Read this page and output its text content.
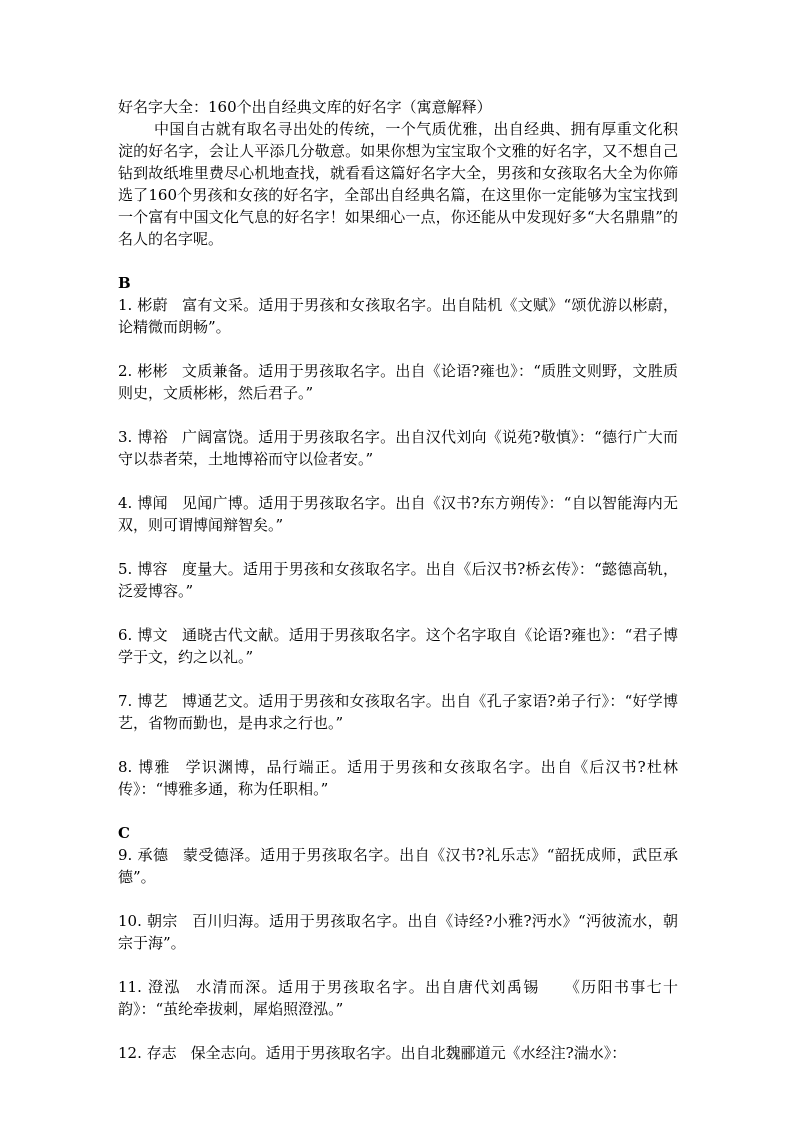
好名字大全：160个出自经典文库的好名字（寓意解释）

中国自古就有取名寻出处的传统，一个气质优雅，出自经典、拥有厚重文化积淀的好名字，会让人平添几分敬意。如果你想为宝宝取个文雅的好名字，又不想自己钻到故纸堆里费尽心机地查找，就看看这篇好名字大全，男孩和女孩取名大全为你筛选了160个男孩和女孩的好名字，全部出自经典名篇，在这里你一定能够为宝宝找到一个富有中国文化气息的好名字！如果细心一点，你还能从中发现好多“大名鼎鼎”的名人的名字呢。

B

1. 彬蔚 富有文采。适用于男孩和女孩取名字。出自陆机《文赋》“颂优游以彬蔚，论精微而朗畅”。

2. 彬彬 文质兼备。适用于男孩取名字。出自《论语?雍也》：“质胜文则野，文胜质则史，文质彬彬，然后君子。”

3. 博裕 广阔富饶。适用于男孩取名字。出自汉代刘向《说苑?敬慎》：“德行广大而守以恭者荣，土地博裕而守以俭者安。”

4. 博闻 见闻广博。适用于男孩取名字。出自《汉书?东方朔传》：“自以智能海内无双，则可谓博闻辩智矣。”

5. 博容 度量大。适用于男孩和女孩取名字。出自《后汉书?桥玄传》：“懿德高轨，泛爱博容。”

6. 博文 通晓古代文献。适用于男孩取名字。这个名字取自《论语?雍也》：“君子博学于文，约之以礼。”

7. 博艺 博通艺文。适用于男孩和女孩取名字。出自《孔子家语?弟子行》：“好学博艺，省物而勤也，是冉求之行也。”

8. 博雅 学识渊博，品行端正。适用于男孩和女孩取名字。出自《后汉书?杜林传》：“博雅多通，称为任职相。”

C

9. 承德 蒙受德泽。适用于男孩取名字。出自《汉书?礼乐志》“韶抚成师，武臣承德”。

10. 朝宗 百川归海。适用于男孩取名字。出自《诗经?小雅?沔水》“沔彼流水，朝宗于海”。

11. 澄泓 水清而深。适用于男孩取名字。出自唐代刘禹锡　　《历阳书事七十韵》：“茧纶牵拔刺，犀焰照澄泓。”

12. 存志 保全志向。适用于男孩取名字。出自北魏郦道元《水经注?湍水》：
